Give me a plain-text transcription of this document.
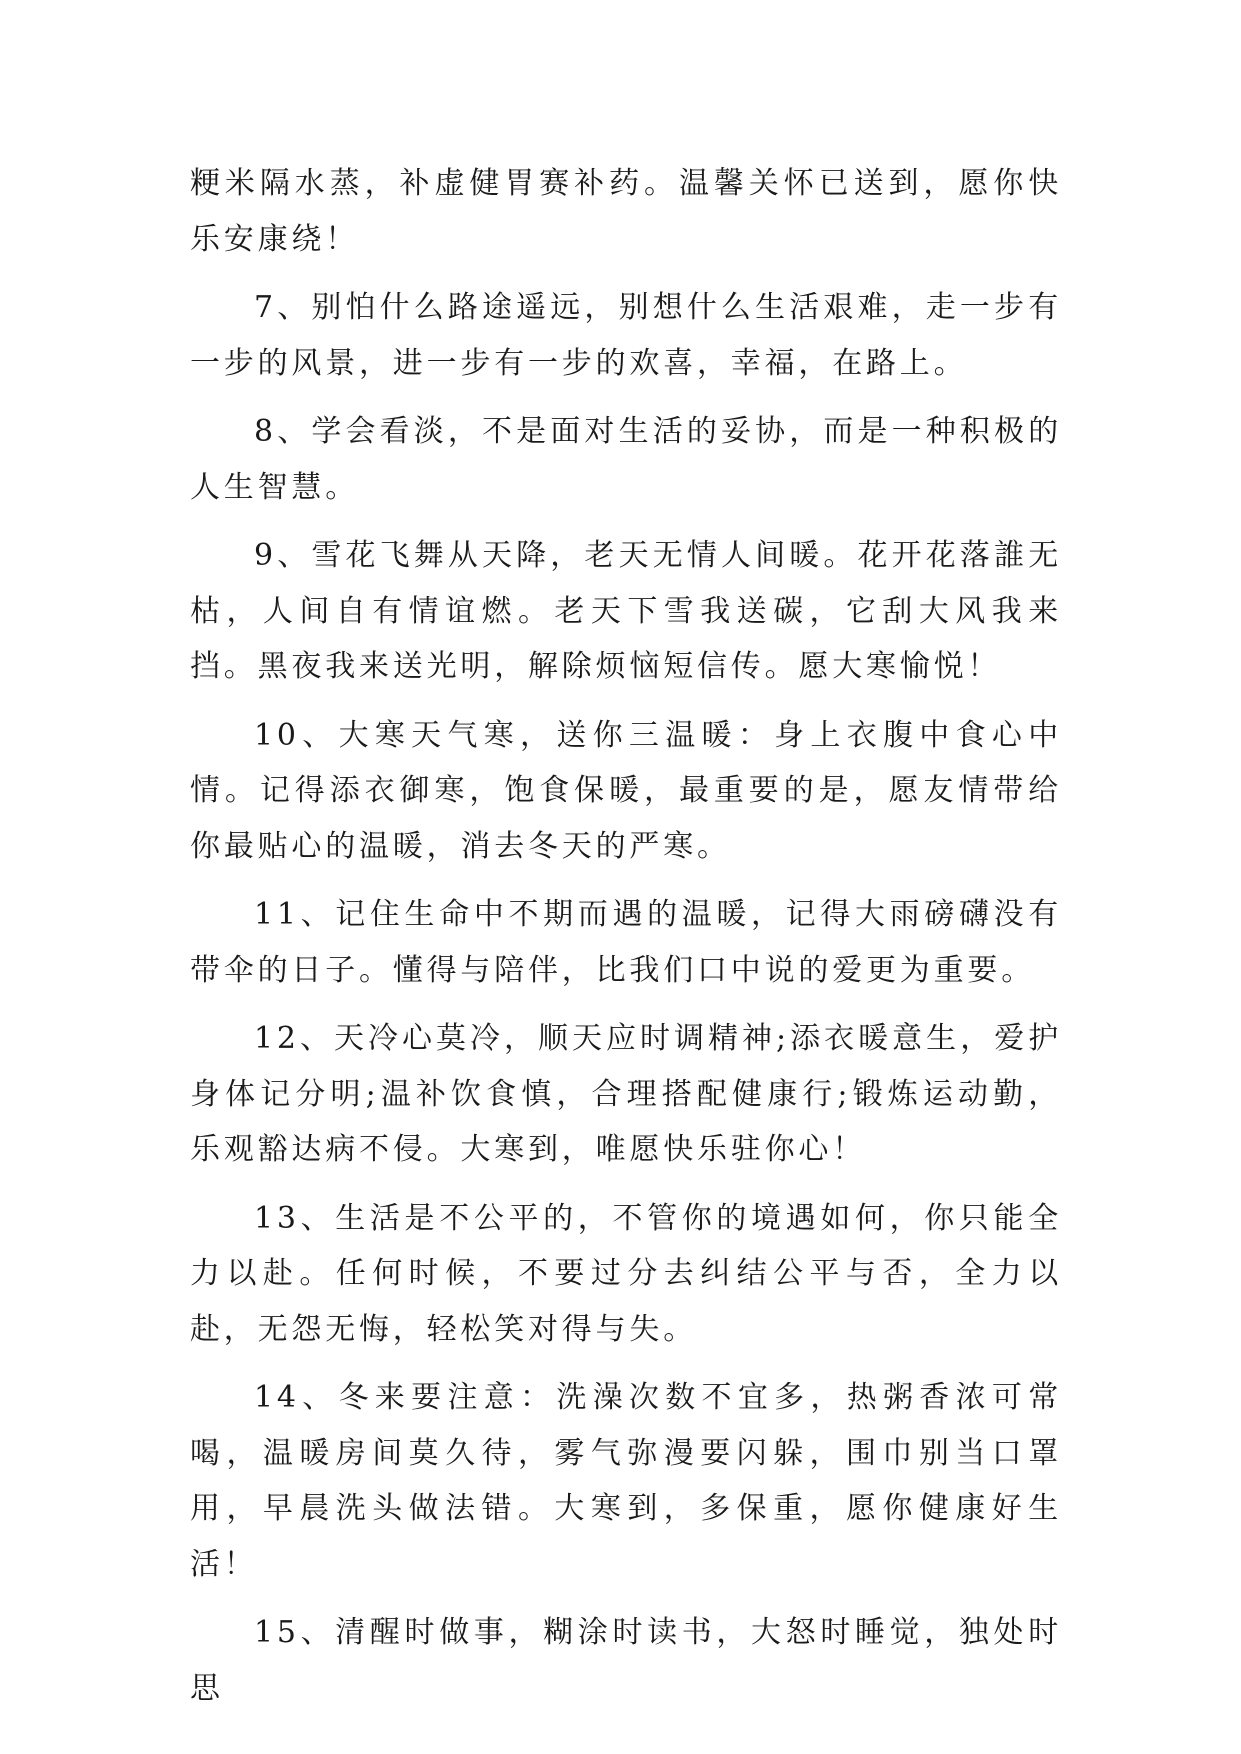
粳米隔水蒸，补虚健胃赛补药。温馨关怀已送到，愿你快乐安康绕！

7、别怕什么路途遥远，别想什么生活艰难，走一步有一步的风景，进一步有一步的欢喜，幸福，在路上。

8、学会看淡，不是面对生活的妥协，而是一种积极的人生智慧。

9、雪花飞舞从天降，老天无情人间暖。花开花落誰无枯，人间自有情谊燃。老天下雪我送碳，它刮大风我来挡。黑夜我来送光明，解除烦恼短信传。愿大寒愉悦！

10、大寒天气寒，送你三温暖：身上衣腹中食心中情。记得添衣御寒，饱食保暖，最重要的是，愿友情带给你最贴心的温暖，消去冬天的严寒。

11、记住生命中不期而遇的温暖，记得大雨磅礴没有带伞的日子。懂得与陪伴，比我们口中说的爱更为重要。

12、天冷心莫冷，顺天应时调精神;添衣暖意生，爱护身体记分明;温补饮食慎，合理搭配健康行;锻炼运动勤，乐观豁达病不侵。大寒到，唯愿快乐驻你心！

13、生活是不公平的，不管你的境遇如何，你只能全力以赴。任何时候，不要过分去纠结公平与否，全力以赴，无怨无悔，轻松笑对得与失。

14、冬来要注意：洗澡次数不宜多，热粥香浓可常喝，温暖房间莫久待，雾气弥漫要闪躲，围巾别当口罩用，早晨洗头做法错。大寒到，多保重，愿你健康好生活！

15、清醒时做事，糊涂时读书，大怒时睡觉，独处时思
